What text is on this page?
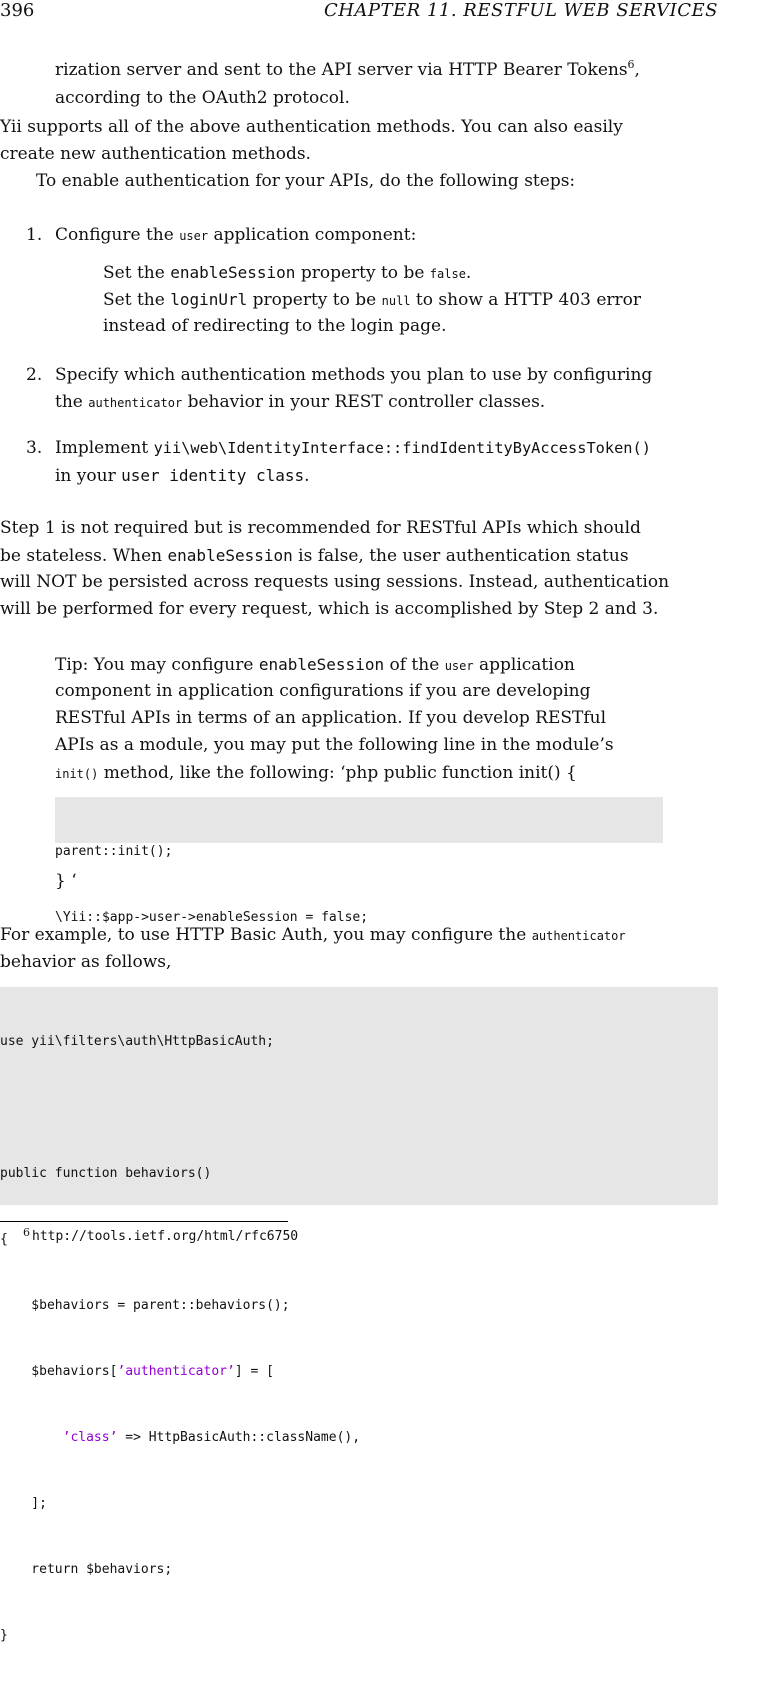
396	CHAPTER 11. RESTFUL WEB SERVICES
rization server and sent to the API server via HTTP Bearer Tokens$^6$,
according to the OAuth2 protocol.
Yii supports all of the above authentication methods. You can also easily
create new authentication methods.
To enable authentication for your APIs, do the following steps:
1. Configure the user application component:
Set the enableSession property to be false.
Set the loginUrl property to be null to show a HTTP 403 error
instead of redirecting to the login page.
2. Specify which authentication methods you plan to use by configuring
the authenticator behavior in your REST controller classes.
3. Implement yii\web\IdentityInterface::findIdentityByAccessToken()
in your user identity class.
Step 1 is not required but is recommended for RESTful APIs which should
be stateless. When enableSession is false, the user authentication status
will NOT be persisted across requests using sessions. Instead, authentication
will be performed for every request, which is accomplished by Step 2 and 3.
Tip: You may configure enableSession of the user application
component in application configurations if you are developing
RESTful APIs in terms of an application. If you develop RESTful
APIs as a module, you may put the following line in the module’s
init() method, like the following: ‘php public function init() {

parent::init();

\Yii::$app->user->enableSession = false;

} ‘
For example, to use HTTP Basic Auth, you may configure the authenticator
behavior as follows,

use yii\filters\auth\HttpBasicAuth;

public function behaviors()

{

$behaviors = parent::behaviors();

$behaviors[’authenticator’] = [

’class’ => HttpBasicAuth::className(),

];

return $behaviors;

}

6 http://tools.ietf.org/html/rfc6750
